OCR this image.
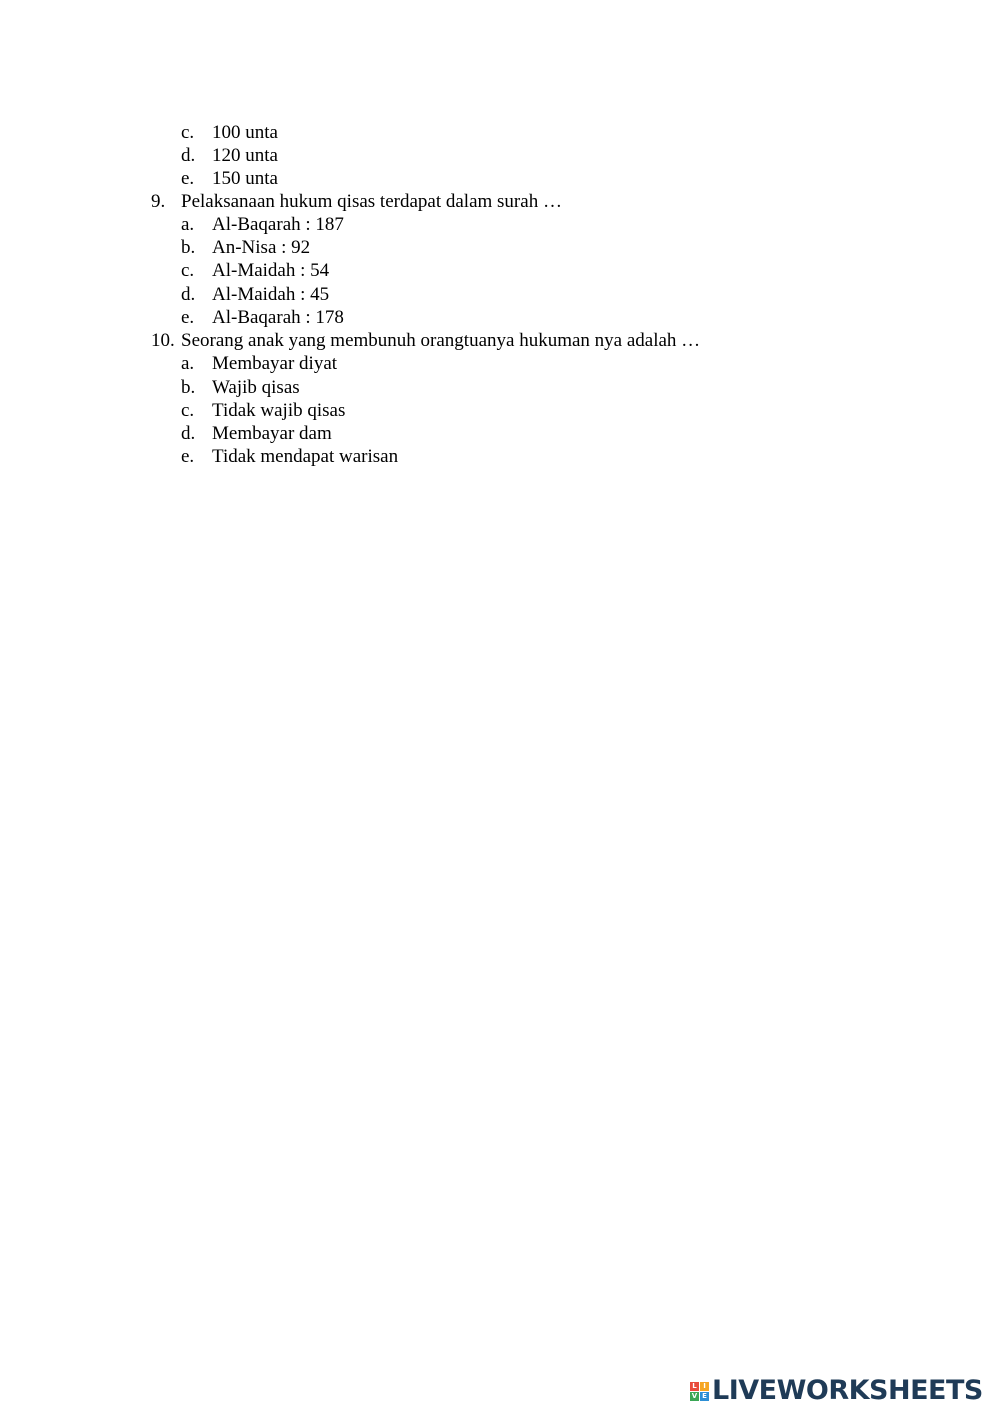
c. 100 unta
d. 120 unta
e. 150 unta
9. Pelaksanaan hukum qisas terdapat dalam surah …
a. Al-Baqarah : 187
b. An-Nisa : 92
c. Al-Maidah : 54
d. Al-Maidah : 45
e. Al-Baqarah : 178
10. Seorang anak yang membunuh orangtuanya hukuman nya adalah …
a. Membayar diyat
b. Wajib qisas
c. Tidak wajib qisas
d. Membayar dam
e. Tidak mendapat warisan
L I
V E LIVEWORKSHEETS
